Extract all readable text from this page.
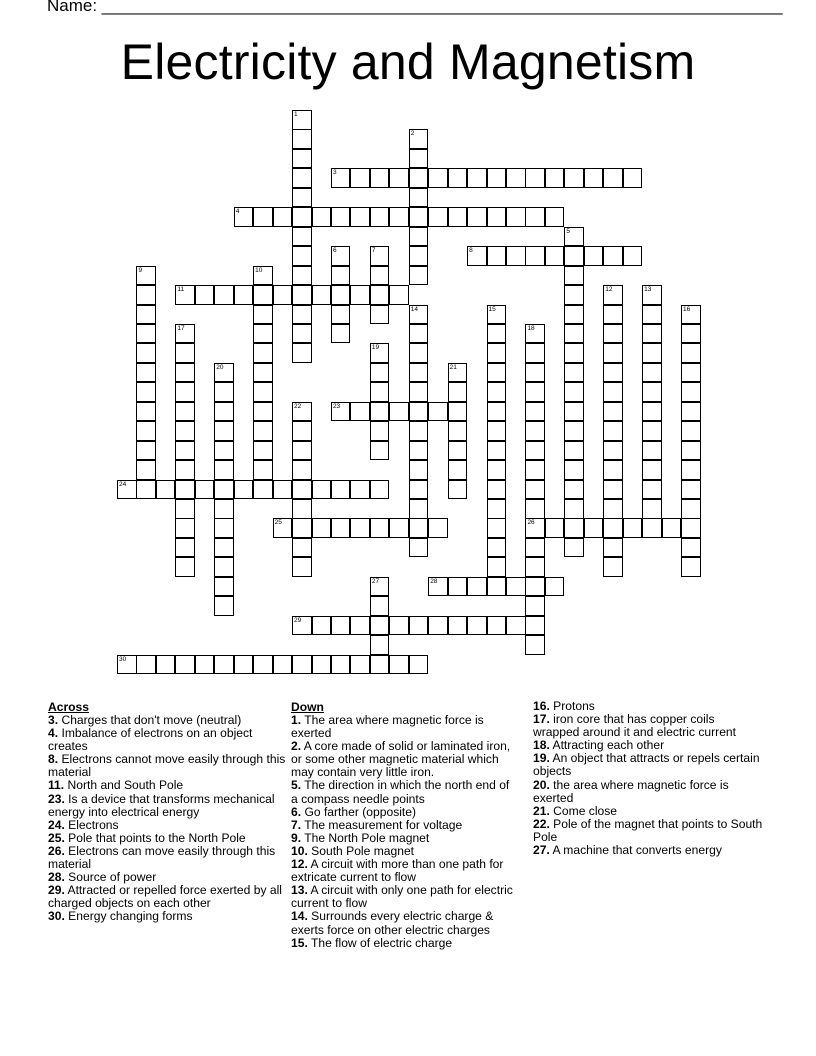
Name: ________________________________________________________________________
Electricity and Magnetism
1
2
3
4
5
6	7	8
9	10
11	12	13
14	15	16
17	18
26
19
20	21
22	23
24
25
27	28
29
30
Across
3. Charges that don't move (neutral)
4. Imbalance of electrons on an object creates
8. Electrons cannot move easily through this material
11. North and South Pole
23. Is a device that transforms mechanical energy into electrical energy
24. Electrons
25. Pole that points to the North Pole
26. Electrons can move easily through this material
28. Source of power
29. Attracted or repelled force exerted by all charged objects on each other
30. Energy changing forms
Down
1. The area where magnetic force is exerted
2. A core made of solid or laminated iron, or some other magnetic material which may contain very little iron.
5. The direction in which the north end of a compass needle points
6. Go farther (opposite)
7. The measurement for voltage
9. The North Pole magnet
10. South Pole magnet
12. A circuit with more than one path for extricate current to flow
13. A circuit with only one path for electric current to flow
14. Surrounds every electric charge & exerts force on other electric charges
15. The flow of electric charge
16. Protons
17. iron core that has copper coils wrapped around it and electric current
18. Attracting each other
19. An object that attracts or repels certain objects
20. the area where magnetic force is exerted
21. Come close
22. Pole of the magnet that points to South Pole
27. A machine that converts energy
